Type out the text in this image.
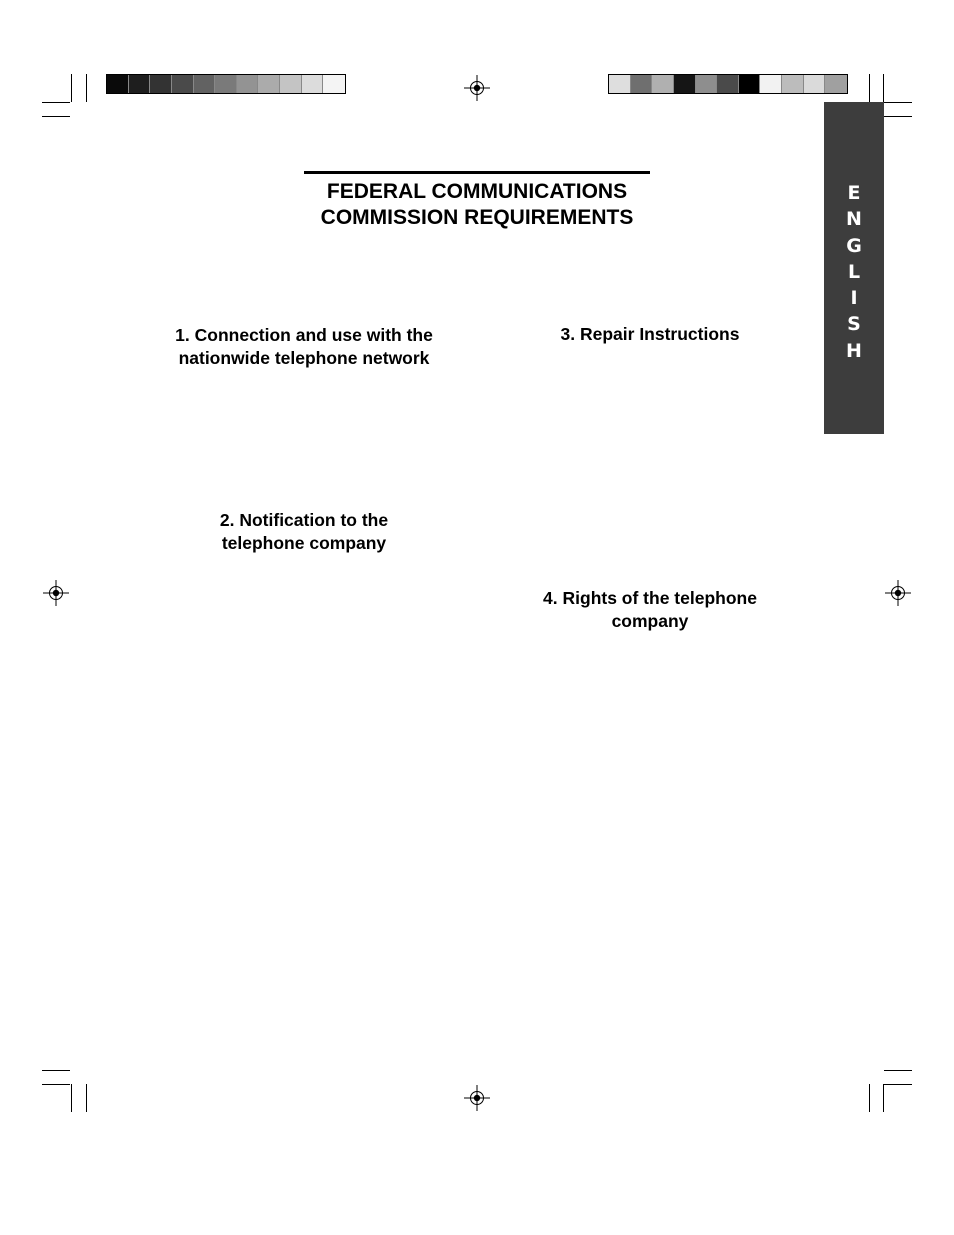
E
N
G
L
I
S
H
FEDERAL COMMUNICATIONS
COMMISSION REQUIREMENTS
1. Connection and use with the
nationwide telephone network
2. Notification to the
telephone company
3. Repair Instructions
4. Rights of the telephone
company
